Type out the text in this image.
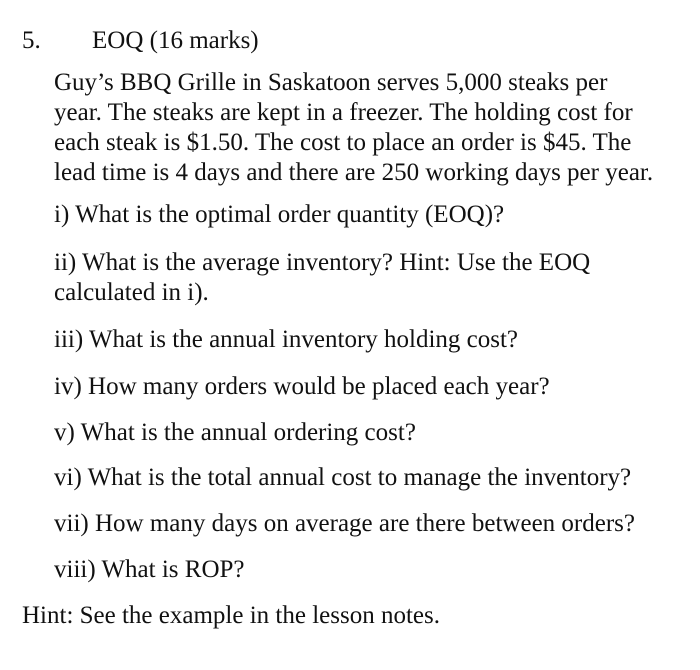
5. EOQ (16 marks)
Guy’s BBQ Grille in Saskatoon serves 5,000 steaks per
year. The steaks are kept in a freezer. The holding cost for
each steak is $1.50. The cost to place an order is $45. The
lead time is 4 days and there are 250 working days per year.
i) What is the optimal order quantity (EOQ)?
ii) What is the average inventory? Hint: Use the EOQ
calculated in i).
iii) What is the annual inventory holding cost?
iv) How many orders would be placed each year?
v) What is the annual ordering cost?
vi) What is the total annual cost to manage the inventory?
vii) How many days on average are there between orders?
viii) What is ROP?
Hint: See the example in the lesson notes.
